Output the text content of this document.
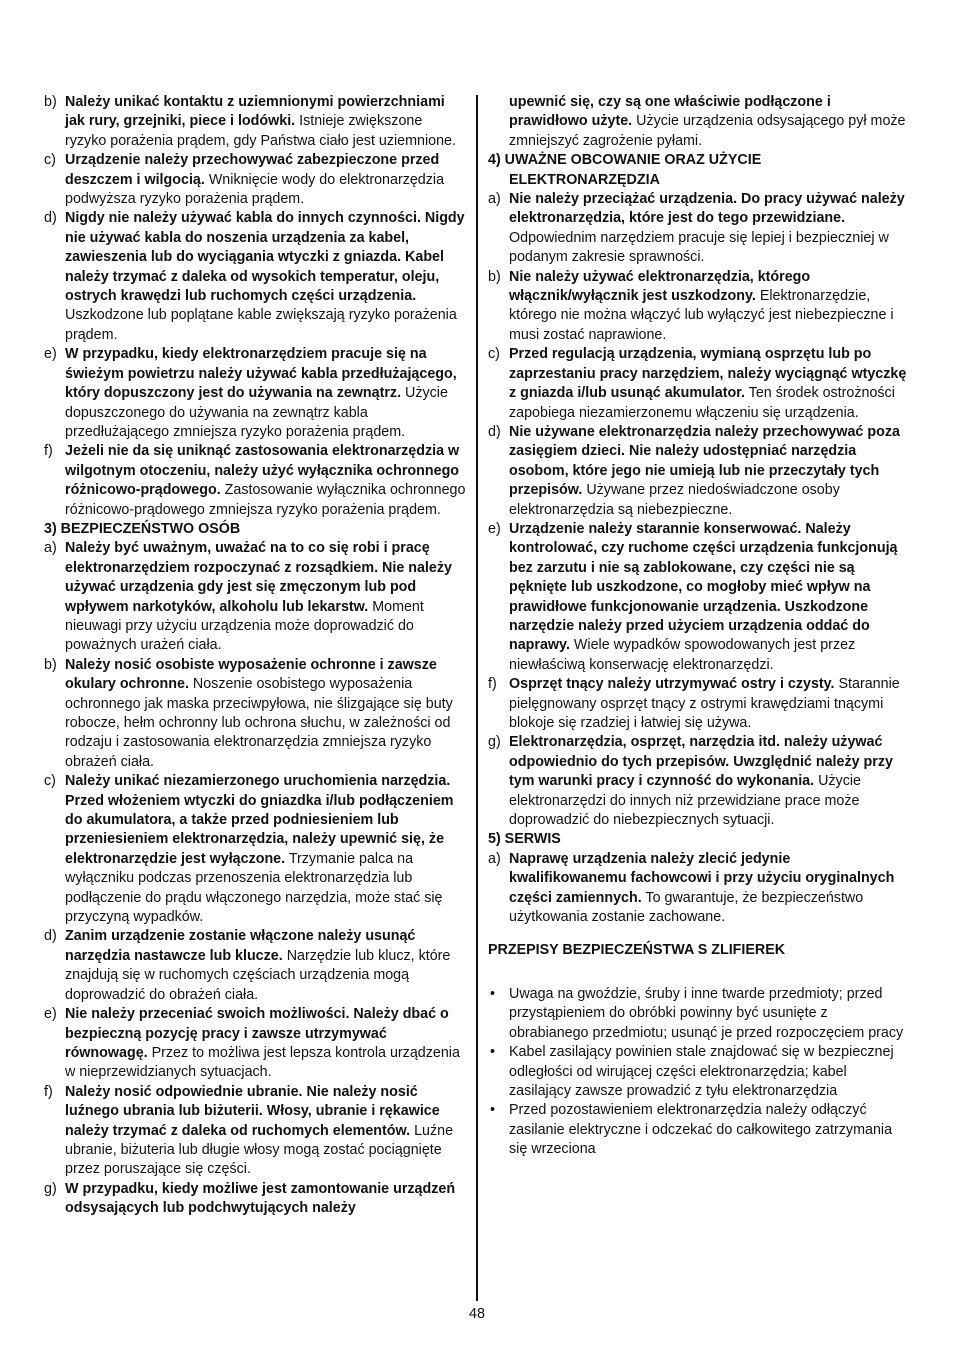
b) Należy unikać kontaktu z uziemnionymi powierzchniami jak rury, grzejniki, piece i lodówki. Istnieje zwiększone ryzyko porażenia prądem, gdy Państwa ciało jest uziemnione.
c) Urządzenie należy przechowywać zabezpieczone przed deszczem i wilgocią. Wniknięcie wody do elektronarzędzia podwyższa ryzyko porażenia prądem.
d) Nigdy nie należy używać kabla do innych czynności. Nigdy nie używać kabla do noszenia urządzenia za kabel, zawieszenia lub do wyciągania wtyczki z gniazda. Kabel należy trzymać z daleka od wysokich temperatur, oleju, ostrych krawędzi lub ruchomych części urządzenia. Uszkodzone lub poplątane kable zwiększają ryzyko porażenia prądem.
e) W przypadku, kiedy elektronarzędziem pracuje się na świeżym powietrzu należy używać kabla przedłużającego, który dopuszczony jest do używania na zewnątrz. Użycie dopuszczonego do używania na zewnątrz kabla przedłużającego zmniejsza ryzyko porażenia prądem.
f) Jeżeli nie da się uniknąć zastosowania elektronarzędzia w wilgotnym otoczeniu, należy użyć wyłącznika ochronnego różnicowo-prądowego. Zastosowanie wyłącznika ochronnego różnicowo-prądowego zmniejsza ryzyko porażenia prądem.
3) BEZPIECZEŃSTWO OSÓB
a) Należy być uważnym, uważać na to co się robi i pracę elektronarzędziem rozpoczynać z rozsądkiem. Nie należy używać urządzenia gdy jest się zmęczonym lub pod wpływem narkotyków, alkoholu lub lekarstw. Moment nieuwagi przy użyciu urządzenia może doprowadzić do poważnych urażeń ciała.
b) Należy nosić osobiste wyposażenie ochronne i zawsze okulary ochronne. Noszenie osobistego wyposażenia ochronnego jak maska przeciwpyłowa, nie ślizgające się buty robocze, hełm ochronny lub ochrona słuchu, w zależności od rodzaju i zastosowania elektronarzędzia zmniejsza ryzyko obrażeń ciała.
c) Należy unikać niezamierzonego uruchomienia narzędzia. Przed włożeniem wtyczki do gniazdka i/lub podłączeniem do akumulatora, a także przed podniesieniem lub przeniesieniem elektronarzędzia, należy upewnić się, że elektronarzędzie jest wyłączone. Trzymanie palca na wyłączniku podczas przenoszenia elektronarzędzia lub podłączenie do prądu włączonego narzędzia, może stać się przyczyną wypadków.
d) Zanim urządzenie zostanie włączone należy usunąć narzędzia nastawcze lub klucze. Narzędzie lub klucz, które znajdują się w ruchomych częściach urządzenia mogą doprowadzić do obrażeń ciała.
e) Nie należy przeceniać swoich możliwości. Należy dbać o bezpieczną pozycję pracy i zawsze utrzymywać równowagę. Przez to możliwa jest lepsza kontrola urządzenia w nieprzewidzianych sytuacjach.
f) Należy nosić odpowiednie ubranie. Nie należy nosić luźnego ubrania lub biżuterii. Włosy, ubranie i rękawice należy trzymać z daleka od ruchomych elementów. Luźne ubranie, biżuteria lub długie włosy mogą zostać pociągnięte przez poruszające się części.
g) W przypadku, kiedy możliwe jest zamontowanie urządzeń odsysających lub podchwytujących należy
upewnić się, czy są one właściwie podłączone i prawidłowo użyte. Użycie urządzenia odsysającego pył może zmniejszyć zagrożenie pyłami.
4) UWAŻNE OBCOWANIE ORAZ UŻYCIE ELEKTRONARZĘDZIA
a) Nie należy przeciążać urządzenia. Do pracy używać należy elektronarzędzia, które jest do tego przewidziane. Odpowiednim narzędziem pracuje się lepiej i bezpieczniej w podanym zakresie sprawności.
b) Nie należy używać elektronarzędzia, którego włącznik/wyłącznik jest uszkodzony. Elektronarzędzie, którego nie można włączyć lub wyłączyć jest niebezpieczne i musi zostać naprawione.
c) Przed regulacją urządzenia, wymianą osprzętu lub po zaprzestaniu pracy narzędziem, należy wyciągnąć wtyczkę z gniazda i/lub usunąć akumulator. Ten środek ostrożności zapobiega niezamierzonemu włączeniu się urządzenia.
d) Nie używane elektronarzędzia należy przechowywać poza zasięgiem dzieci. Nie należy udostępniać narzędzia osobom, które jego nie umieją lub nie przeczytały tych przepisów. Używane przez niedoświadczone osoby elektronarzędzia są niebezpieczne.
e) Urządzenie należy starannie konserwować. Należy kontrolować, czy ruchome części urządzenia funkcjonują bez zarzutu i nie są zablokowane, czy części nie są pęknięte lub uszkodzone, co mogłoby mieć wpływ na prawidłowe funkcjonowanie urządzenia. Uszkodzone narzędzie należy przed użyciem urządzenia oddać do naprawy. Wiele wypadków spowodowanych jest przez niewłaściwą konserwację elektronarzędzi.
f) Osprzęt tnący należy utrzymywać ostry i czysty. Starannie pielęgnowany osprzęt tnący z ostrymi krawędziami tnącymi blokoje się rzadziej i łatwiej się używa.
g) Elektronarzędzia, osprzęt, narzędzia itd. należy używać odpowiednio do tych przepisów. Uwzględnić należy przy tym warunki pracy i czynność do wykonania. Użycie elektronarzędzi do innych niż przewidziane prace może doprowadzić do niebezpiecznych sytuacji.
5) SERWIS
a) Naprawę urządzenia należy zlecić jedynie kwalifikowanemu fachowcowi i przy użyciu oryginalnych części zamiennych. To gwarantuje, że bezpieczeństwo użytkowania zostanie zachowane.
PRZEPISY BEZPIECZEŃSTWA S ZLIFIEREK
• Uwaga na gwoździe, śruby i inne twarde przedmioty; przed przystąpieniem do obróbki powinny być usunięte z obrabianego przedmiotu; usunąć je przed rozpoczęciem pracy
• Kabel zasilający powinien stale znajdować się w bezpiecznej odległości od wirującej części elektronarzędzia; kabel zasilający zawsze prowadzić z tyłu elektronarzędzia
• Przed pozostawieniem elektronarzędzia należy odłączyć zasilanie elektryczne i odczekać do całkowitego zatrzymania się wrzeciona
48
